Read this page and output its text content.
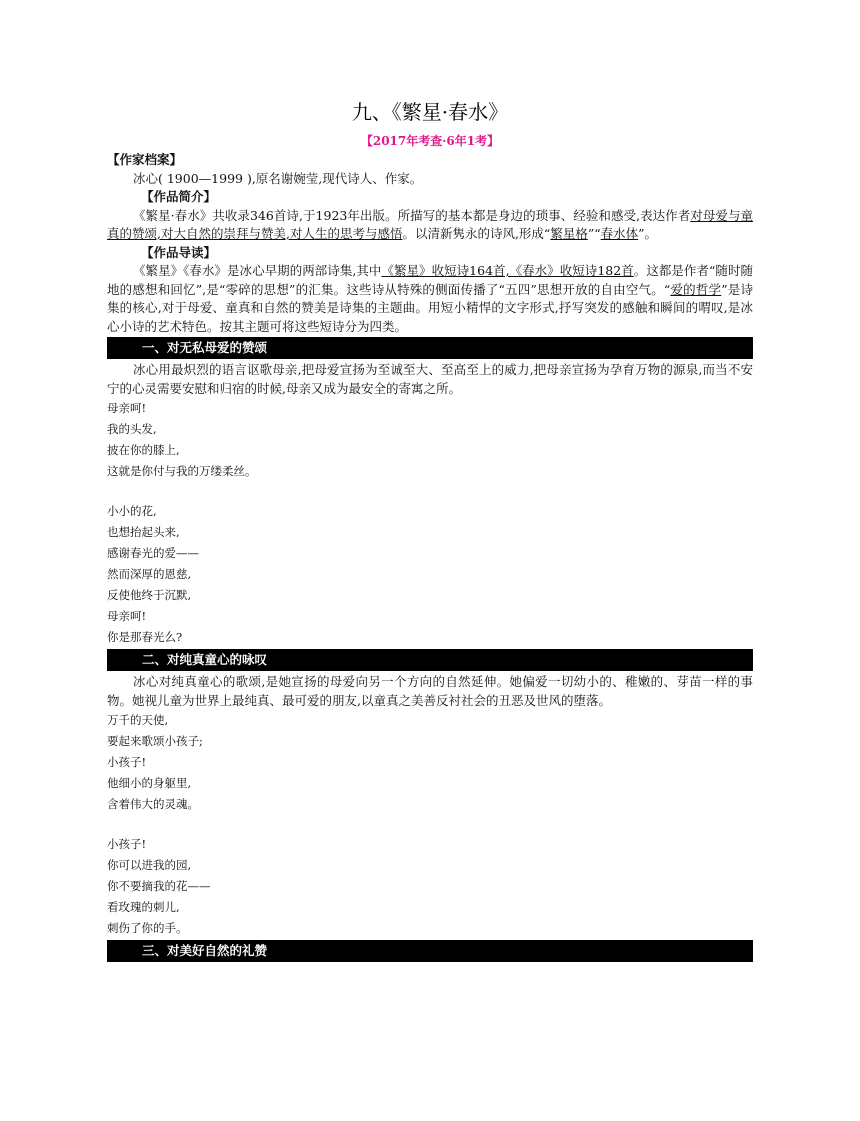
九、《繁星·春水》
【2017年考查·6年1考】
【作家档案】
冰心( 1900—1999 ),原名谢婉莹,现代诗人、作家。
【作品简介】
《繁星·春水》共收录346首诗,于1923年出版。所描写的基本都是身边的琐事、经验和感受,表达作者对母爱与童真的赞颂,对大自然的崇拜与赞美,对人生的思考与感悟。以清新隽永的诗风,形成“繁星格”“春水体”。
【作品导读】
《繁星》《春水》是冰心早期的两部诗集,其中《繁星》收短诗164首,《春水》收短诗182首。这都是作者“随时随地的感想和回忆”,是“零碎的思想”的汇集。这些诗从特殊的侧面传播了“五四”思想开放的自由空气。“爱的哲学”是诗集的核心,对于母爱、童真和自然的赞美是诗集的主题曲。用短小精悍的文字形式,抒写突发的感触和瞬间的喟叹,是冰心小诗的艺术特色。按其主题可将这些短诗分为四类。
一、对无私母爱的赞颂
冰心用最炽烈的语言讴歌母亲,把母爱宣扬为至诚至大、至高至上的威力,把母亲宣扬为孕育万物的源泉,而当不安宁的心灵需要安慰和归宿的时候,母亲又成为最安全的寄寓之所。
母亲呵!
我的头发,
披在你的膝上,
这就是你付与我的万缕柔丝。
小小的花,
也想抬起头来,
感谢春光的爱——
然而深厚的恩慈,
反使他终于沉默,
母亲呵!
你是那春光么?
二、对纯真童心的咏叹
冰心对纯真童心的歌颂,是她宣扬的母爱向另一个方向的自然延伸。她偏爱一切幼小的、稚嫩的、芽苗一样的事物。她视儿童为世界上最纯真、最可爱的朋友,以童真之美善反衬社会的丑恶及世风的堕落。
万千的天使,
要起来歌颂小孩子;
小孩子!
他细小的身躯里,
含着伟大的灵魂。
小孩子!
你可以进我的园,
你不要摘我的花——
看玫瑰的刺儿,
刺伤了你的手。
三、对美好自然的礼赞
